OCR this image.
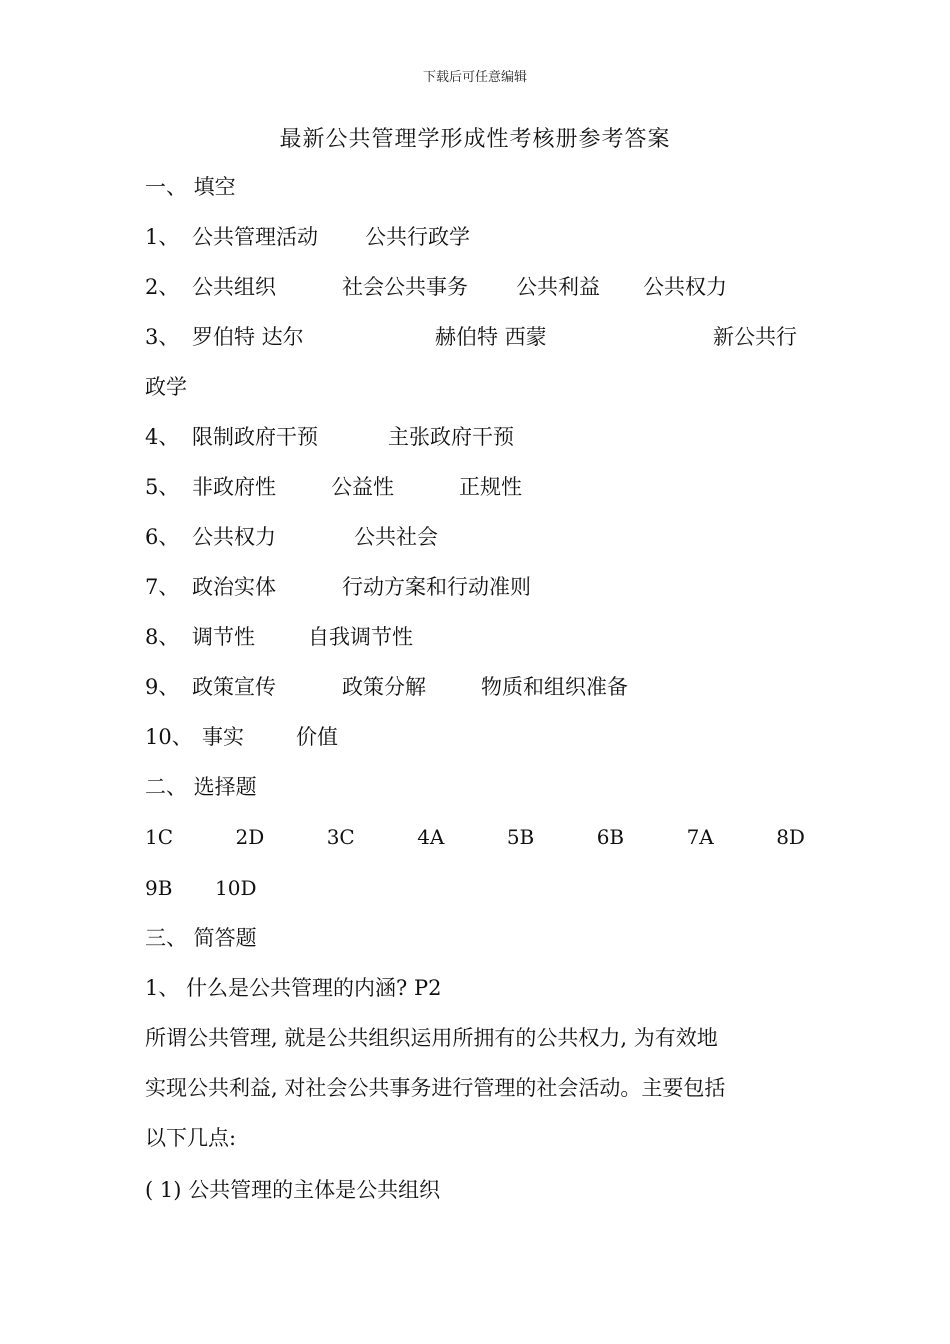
下载后可任意编辑
最新公共管理学形成性考核册参考答案
一、 填空
1、 公共管理活动 公共行政学
2、 公共组织	社会公共事务 公共利益 公共权力
3、 罗伯特 达尔	赫伯特 西蒙	新公共行
政学
4、 限制政府干预	主张政府干预
5、 非政府性	公益性	正规性
6、 公共权力	公共社会
7、 政治实体	行动方案和行动准则
8、 调节性	自我调节性
9、 政策宣传	政策分解	物质和组织准备
10、 事实 价值
二、 选择题
1C	2D	3C	4A	5B	6B	7A	8D
9B 10D
三、 简答题
1、 什么是公共管理的内涵? P2
所谓公共管理, 就是公共组织运用所拥有的公共权力, 为有效地
实现公共利益, 对社会公共事务进行管理的社会活动。主要包括
以下几点:
( 1) 公共管理的主体是公共组织
